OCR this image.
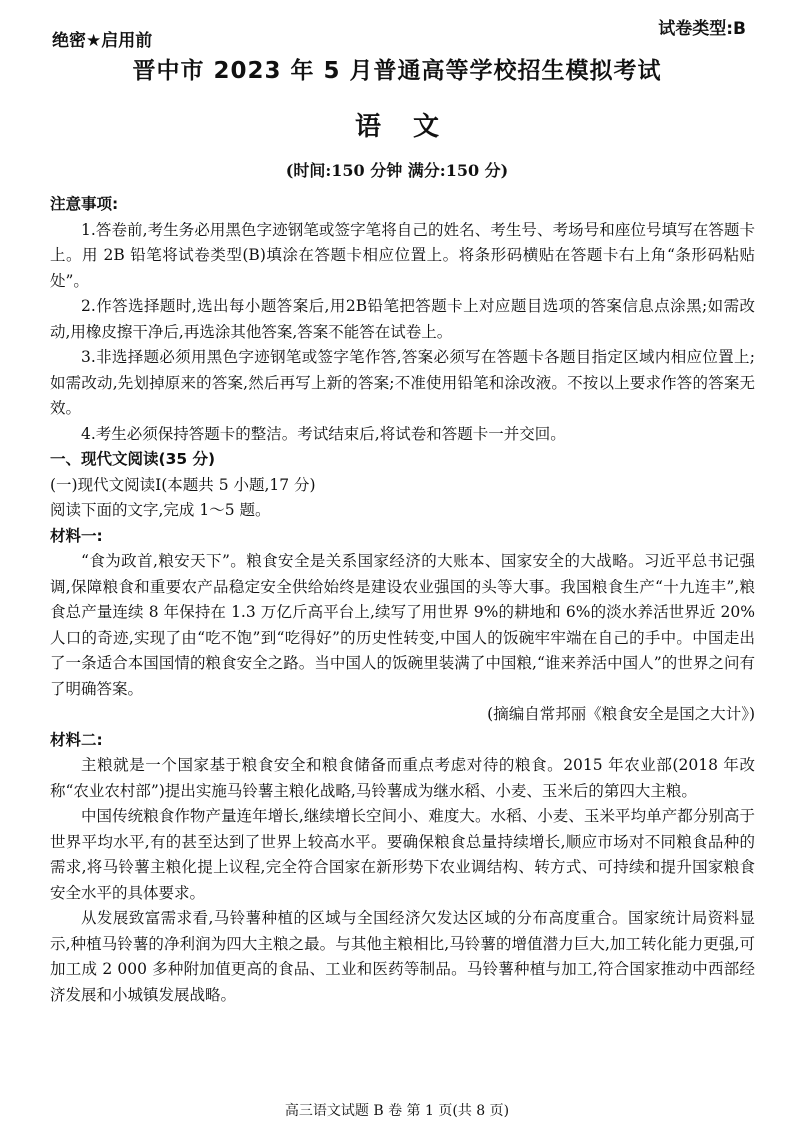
绝密★启用前
试卷类型:B
晋中市 2023 年 5 月普通高等学校招生模拟考试
语 文
(时间:150 分钟 满分:150 分)

注意事项:

1.答卷前,考生务必用黑色字迹钢笔或签字笔将自己的姓名、考生号、考场号和座位号填写在答题卡上。用 2B 铅笔将试卷类型(B)填涂在答题卡相应位置上。将条形码横贴在答题卡右上角“条形码粘贴处”。

2.作答选择题时,选出每小题答案后,用2B铅笔把答题卡上对应题目选项的答案信息点涂黑;如需改动,用橡皮擦干净后,再选涂其他答案,答案不能答在试卷上。

3.非选择题必须用黑色字迹钢笔或签字笔作答,答案必须写在答题卡各题目指定区域内相应位置上;如需改动,先划掉原来的答案,然后再写上新的答案;不准使用铅笔和涂改液。不按以上要求作答的答案无效。

4.考生必须保持答题卡的整洁。考试结束后,将试卷和答题卡一并交回。

一、现代文阅读(35 分)

(一)现代文阅读Ⅰ(本题共 5 小题,17 分)

阅读下面的文字,完成 1～5 题。

材料一:

“食为政首,粮安天下”。粮食安全是关系国家经济的大账本、国家安全的大战略。习近平总书记强调,保障粮食和重要农产品稳定安全供给始终是建设农业强国的头等大事。我国粮食生产“十九连丰”,粮食总产量连续 8 年保持在 1.3 万亿斤高平台上,续写了用世界 9%的耕地和 6%的淡水养活世界近 20%人口的奇迹,实现了由“吃不饱”到“吃得好”的历史性转变,中国人的饭碗牢牢端在自己的手中。中国走出了一条适合本国国情的粮食安全之路。当中国人的饭碗里装满了中国粮,“谁来养活中国人”的世界之问有了明确答案。

(摘编自常邦丽《粮食安全是国之大计》)

材料二:

主粮就是一个国家基于粮食安全和粮食储备而重点考虑对待的粮食。2015 年农业部(2018 年改称“农业农村部”)提出实施马铃薯主粮化战略,马铃薯成为继水稻、小麦、玉米后的第四大主粮。

中国传统粮食作物产量连年增长,继续增长空间小、难度大。水稻、小麦、玉米平均单产都分别高于世界平均水平,有的甚至达到了世界上较高水平。要确保粮食总量持续增长,顺应市场对不同粮食品种的需求,将马铃薯主粮化提上议程,完全符合国家在新形势下农业调结构、转方式、可持续和提升国家粮食安全水平的具体要求。

从发展致富需求看,马铃薯种植的区域与全国经济欠发达区域的分布高度重合。国家统计局资料显示,种植马铃薯的净利润为四大主粮之最。与其他主粮相比,马铃薯的增值潜力巨大,加工转化能力更强,可加工成 2 000 多种附加值更高的食品、工业和医药等制品。马铃薯种植与加工,符合国家推动中西部经济发展和小城镇发展战略。

高三语文试题 B 卷 第 1 页(共 8 页)
